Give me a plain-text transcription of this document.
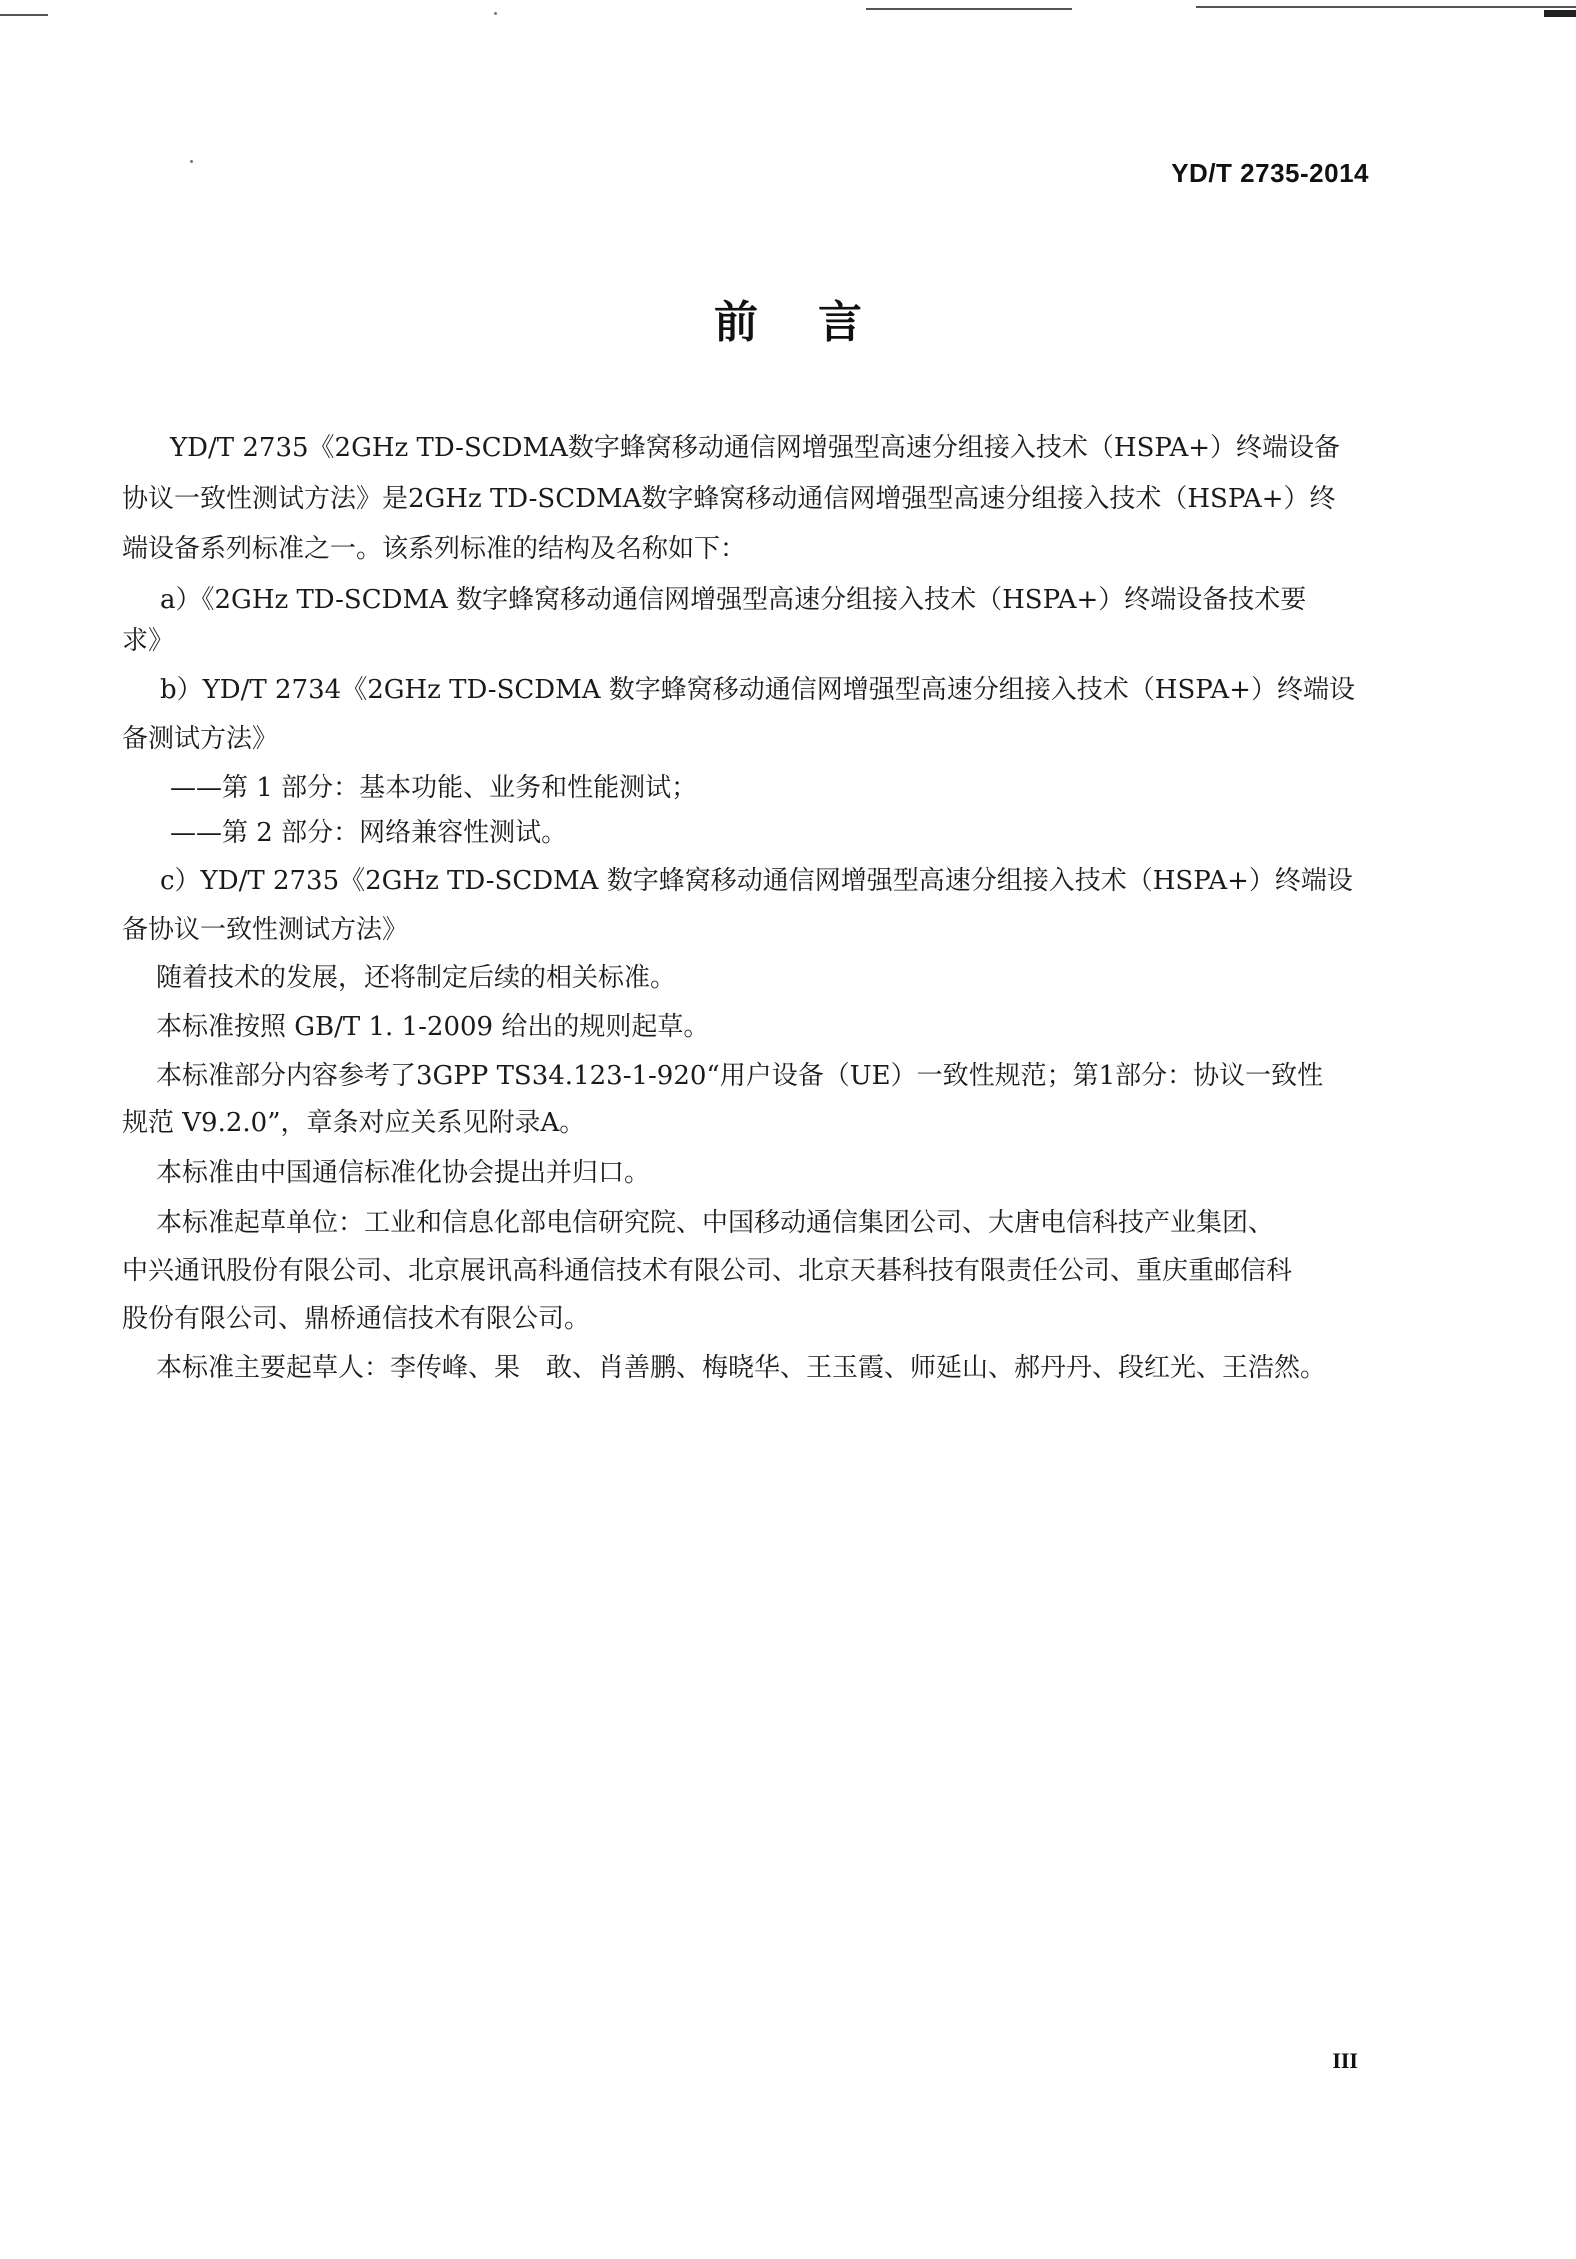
YD/T 2735-2014
前言
YD/T 2735《2GHz TD-SCDMA数字蜂窝移动通信网增强型高速分组接入技术（HSPA+）终端设备
协议一致性测试方法》是2GHz TD-SCDMA数字蜂窝移动通信网增强型高速分组接入技术（HSPA+）终
端设备系列标准之一。该系列标准的结构及名称如下：
a）《2GHz TD-SCDMA 数字蜂窝移动通信网增强型高速分组接入技术（HSPA+）终端设备技术要
求》
b）YD/T 2734《2GHz TD-SCDMA 数字蜂窝移动通信网增强型高速分组接入技术（HSPA+）终端设
备测试方法》
——第 1 部分：基本功能、业务和性能测试；
——第 2 部分：网络兼容性测试。
c）YD/T 2735《2GHz TD-SCDMA 数字蜂窝移动通信网增强型高速分组接入技术（HSPA+）终端设
备协议一致性测试方法》
随着技术的发展，还将制定后续的相关标准。
本标准按照 GB/T 1. 1-2009 给出的规则起草。
本标准部分内容参考了3GPP TS34.123-1-920“用户设备（UE）一致性规范；第1部分：协议一致性
规范 V9.2.0”，章条对应关系见附录A。
本标准由中国通信标准化协会提出并归口。
本标准起草单位：工业和信息化部电信研究院、中国移动通信集团公司、大唐电信科技产业集团、
中兴通讯股份有限公司、北京展讯高科通信技术有限公司、北京天碁科技有限责任公司、重庆重邮信科
股份有限公司、鼎桥通信技术有限公司。
本标准主要起草人：李传峰、果　敢、肖善鹏、梅晓华、王玉霞、师延山、郝丹丹、段红光、王浩然。
III
